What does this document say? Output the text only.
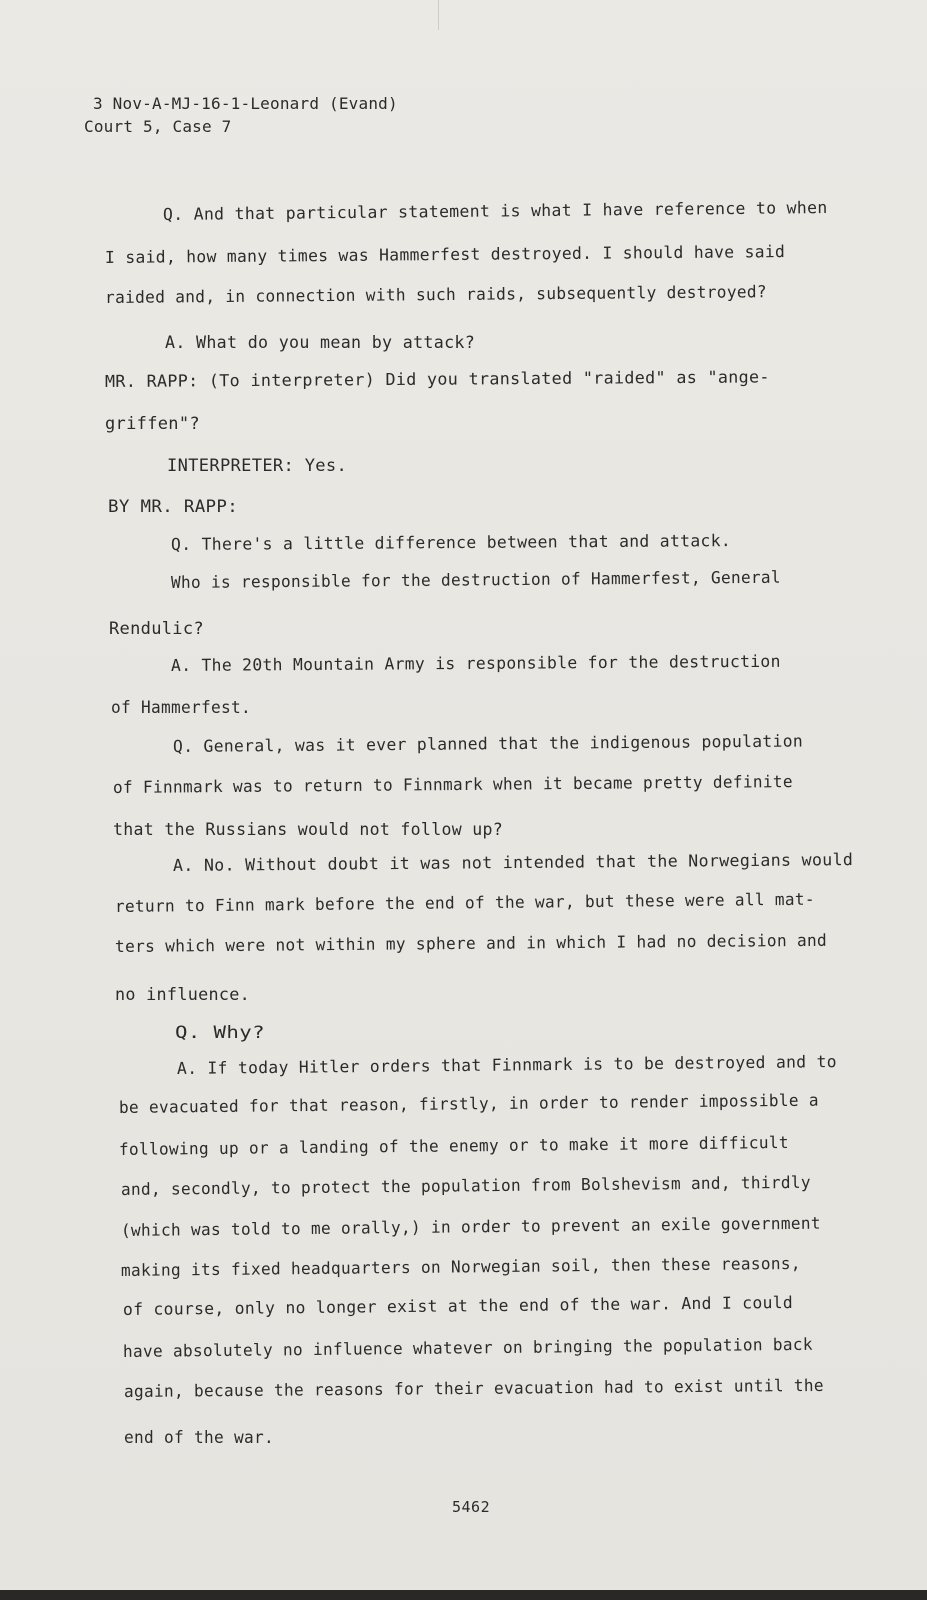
3 Nov-A-MJ-16-1-Leonard (Evand)
Court 5, Case 7
Q. And that particular statement is what I have reference to when
I said, how many times was Hammerfest destroyed. I should have said
raided and, in connection with such raids, subsequently destroyed?
A. What do you mean by attack?
MR. RAPP: (To interpreter) Did you translated "raided" as "ange-
griffen"?
INTERPRETER: Yes.
BY MR. RAPP:
Q. There's a little difference between that and attack.
Who is responsible for the destruction of Hammerfest, General
Rendulic?
A. The 20th Mountain Army is responsible for the destruction
of Hammerfest.
Q. General, was it ever planned that the indigenous population
of Finnmark was to return to Finnmark when it became pretty definite
that the Russians would not follow up?
A. No. Without doubt it was not intended that the Norwegians would
return to Finn mark before the end of the war, but these were all mat-
ters which were not within my sphere and in which I had no decision and
no influence.
Q. Why?
A. If today Hitler orders that Finnmark is to be destroyed and to
be evacuated for that reason, firstly, in order to render impossible a
following up or a landing of the enemy or to make it more difficult
and, secondly, to protect the population from Bolshevism and, thirdly
(which was told to me orally,) in order to prevent an exile government
making its fixed headquarters on Norwegian soil, then these reasons,
of course, only no longer exist at the end of the war. And I could
have absolutely no influence whatever on bringing the population back
again, because the reasons for their evacuation had to exist until the
end of the war.
5462
